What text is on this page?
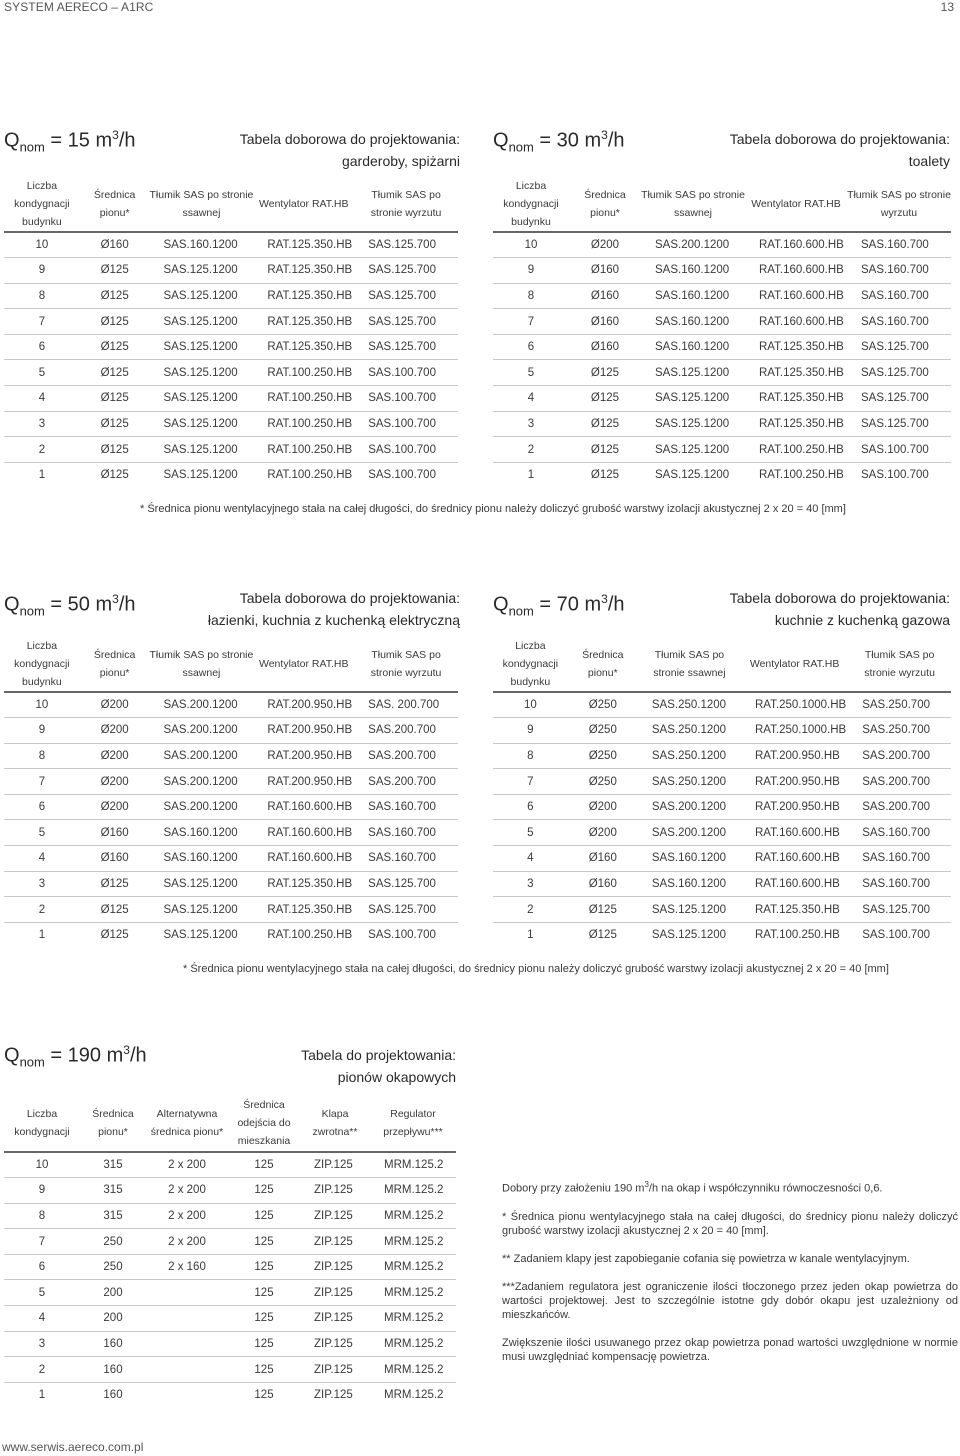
SYSTEM AERECO – A1RC	13
$Q_{nom} = 15$ $m^3/h$	Tabela doborowa do projektowania:
garderoby, spiżarni
Liczba kondygnacji budynku	Średnica pionu*	Tłumik SAS po stronie ssawnej	Wentylator RAT.HB	Tłumik SAS po stronie wyrzutu
10	Ø160	SAS.160.1200	RAT.125.350.HB	SAS.125.700
9	Ø125	SAS.125.1200	RAT.125.350.HB	SAS.125.700
8	Ø125	SAS.125.1200	RAT.125.350.HB	SAS.125.700
7	Ø125	SAS.125.1200	RAT.125.350.HB	SAS.125.700
6	Ø125	SAS.125.1200	RAT.125.350.HB	SAS.125.700
5	Ø125	SAS.125.1200	RAT.100.250.HB	SAS.100.700
4	Ø125	SAS.125.1200	RAT.100.250.HB	SAS.100.700
3	Ø125	SAS.125.1200	RAT.100.250.HB	SAS.100.700
2	Ø125	SAS.125.1200	RAT.100.250.HB	SAS.100.700
1	Ø125	SAS.125.1200	RAT.100.250.HB	SAS.100.700
$Q_{nom} = 30$ $m^3/h$	Tabela doborowa do projektowania:
toalety
Liczba kondygnacji budynku	Średnica pionu*	Tłumik SAS po stronie ssawnej	Wentylator RAT.HB	Tłumik SAS po stronie wyrzutu
10	Ø200	SAS.200.1200	RAT.160.600.HB	SAS.160.700
9	Ø160	SAS.160.1200	RAT.160.600.HB	SAS.160.700
8	Ø160	SAS.160.1200	RAT.160.600.HB	SAS.160.700
7	Ø160	SAS.160.1200	RAT.160.600.HB	SAS.160.700
6	Ø160	SAS.160.1200	RAT.125.350.HB	SAS.125.700
5	Ø125	SAS.125.1200	RAT.125.350.HB	SAS.125.700
4	Ø125	SAS.125.1200	RAT.125.350.HB	SAS.125.700
3	Ø125	SAS.125.1200	RAT.125.350.HB	SAS.125.700
2	Ø125	SAS.125.1200	RAT.100.250.HB	SAS.100.700
1	Ø125	SAS.125.1200	RAT.100.250.HB	SAS.100.700
* Średnica pionu wentylacyjnego stała na całej długości, do średnicy pionu należy doliczyć grubość warstwy izolacji akustycznej 2 x 20 = 40 [mm]
$Q_{nom} = 50$ $m^3/h$	Tabela doborowa do projektowania:
łazienki, kuchnia z kuchenką elektryczną
Liczba kondygnacji budynku	Średnica pionu*	Tłumik SAS po stronie ssawnej	Wentylator RAT.HB	Tłumik SAS po stronie wyrzutu
10	Ø200	SAS.200.1200	RAT.200.950.HB	SAS. 200.700
9	Ø200	SAS.200.1200	RAT.200.950.HB	SAS.200.700
8	Ø200	SAS.200.1200	RAT.200.950.HB	SAS.200.700
7	Ø200	SAS.200.1200	RAT.200.950.HB	SAS.200.700
6	Ø200	SAS.200.1200	RAT.160.600.HB	SAS.160.700
5	Ø160	SAS.160.1200	RAT.160.600.HB	SAS.160.700
4	Ø160	SAS.160.1200	RAT.160.600.HB	SAS.160.700
3	Ø125	SAS.125.1200	RAT.125.350.HB	SAS.125.700
2	Ø125	SAS.125.1200	RAT.125.350.HB	SAS.125.700
1	Ø125	SAS.125.1200	RAT.100.250.HB	SAS.100.700
$Q_{nom} = 70$ $m^3/h$	Tabela doborowa do projektowania:
kuchnie z kuchenką gazowa
Liczba kondygnacji budynku	Średnica pionu*	Tłumik SAS po stronie ssawnej	Wentylator RAT.HB	Tłumik SAS po stronie wyrzutu
10	Ø250	SAS.250.1200	RAT.250.1000.HB	SAS.250.700
9	Ø250	SAS.250.1200	RAT.250.1000.HB	SAS.250.700
8	Ø250	SAS.250.1200	RAT.200.950.HB	SAS.200.700
7	Ø250	SAS.250.1200	RAT.200.950.HB	SAS.200.700
6	Ø200	SAS.200.1200	RAT.200.950.HB	SAS.200.700
5	Ø200	SAS.200.1200	RAT.160.600.HB	SAS.160.700
4	Ø160	SAS.160.1200	RAT.160.600.HB	SAS.160.700
3	Ø160	SAS.160.1200	RAT.160.600.HB	SAS.160.700
2	Ø125	SAS.125.1200	RAT.125.350.HB	SAS.125.700
1	Ø125	SAS.125.1200	RAT.100.250.HB	SAS.100.700
* Średnica pionu wentylacyjnego stała na całej długości, do średnicy pionu należy doliczyć grubość warstwy izolacji akustycznej 2 x 20 = 40 [mm]
$Q_{nom} = 190$ $m^3/h$	Tabela do projektowania:
pionów okapowych
Liczba kondygnacji	Średnica pionu*	Alternatywna średnica pionu*	Średnica odejścia do mieszkania	Klapa zwrotna**	Regulator przepływu***
10	315	2 x 200	125	ZIP.125	MRM.125.2
9	315	2 x 200	125	ZIP.125	MRM.125.2
8	315	2 x 200	125	ZIP.125	MRM.125.2
7	250	2 x 200	125	ZIP.125	MRM.125.2
6	250	2 x 160	125	ZIP.125	MRM.125.2
5	200		125	ZIP.125	MRM.125.2
4	200		125	ZIP.125	MRM.125.2
3	160		125	ZIP.125	MRM.125.2
2	160		125	ZIP.125	MRM.125.2
1	160		125	ZIP.125	MRM.125.2

Dobory przy założeniu 190 $m^3/h$ na okap i współczynniku równoczesności 0,6.

* Średnica pionu wentylacyjnego stała na całej długości, do średnicy pionu należy doliczyć grubość warstwy izolacji akustycznej 2 x 20 = 40 [mm].

** Zadaniem klapy jest zapobieganie cofania się powietrza w kanale wentylacyjnym.

***Zadaniem regulatora jest ograniczenie ilości tłoczonego przez jeden okap powietrza do wartości projektowej. Jest to szczególnie istotne gdy dobór okapu jest uzależniony od mieszkańców.

Zwiększenie ilości usuwanego przez okap powietrza ponad wartości uwzględnione w normie musi uwzględniać kompensację powietrza.

www.serwis.aereco.com.pl
